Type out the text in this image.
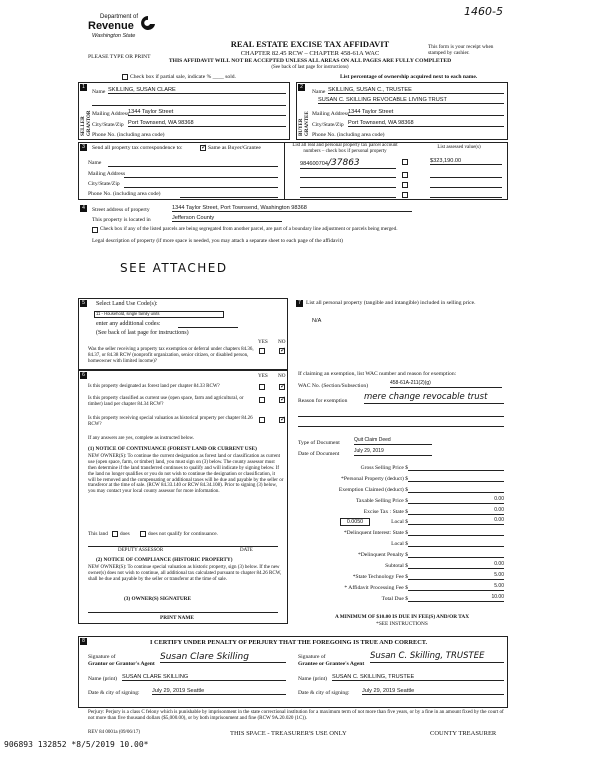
1460-5
Department of
Revenue
Washington State
REAL ESTATE EXCISE TAX AFFIDAVIT
CHAPTER 82.45 RCW – CHAPTER 458-61A WAC
THIS AFFIDAVIT WILL NOT BE ACCEPTED UNLESS ALL AREAS ON ALL PAGES ARE FULLY COMPLETED
(See back of last page for instructions)
PLEASE TYPE OR PRINT
This form is your receipt when stamped by cashier.
Check box if partial sale, indicate % ____ sold.	List percentage of ownership acquired next to each name.
1
SELLER GRANTOR
Name SKILLING, SUSAN CLARE
Mailing Address
1344 Taylor Street
City/State/Zip Port Townsend, WA 98368
Phone No. (including area code)
2
BUYER GRANTEE
Name SKILLING, SUSAN C., TRUSTEE
SUSAN C. SKILLING REVOCABLE LIVING TRUST
Mailing Address
1344 Taylor Street
City/State/Zip Port Townsend, WA 98368
Phone No. (including area code)
3	Send all property tax correspondence to:
✓	Same as Buyer/Grantee
Name
Mailing Address
City/State/Zip
Phone No. (including area code)
List all real and personal property tax parcel account numbers – check box if personal property
List assessed value(s)
984600704/37863	$323,190.00
4	Street address of property	1344 Taylor Street, Port Townsend, Washington 98368
This property is located in	Jefferson County
Check box if any of the listed parcels are being segregated from another parcel, are part of a boundary line adjustment or parcels being merged.
Legal description of property (if more space is needed, you may attach a separate sheet to each page of the affidavit)
SEE ATTACHED
5	Select Land Use Code(s):
11 - Household, single family units
enter any additional codes:
(See back of last page for instructions)
YES NO
Was the seller receiving a property tax exemption or deferral under chapters 84.36, 84.37, or 84.38 RCW (nonprofit organization, senior citizen, or disabled person, homeowner with limited income)?
✓
6	YES NO
Is this property designated as forest land per chapter 84.33 RCW?
✓
Is this property classified as current use (open space, farm and agricultural, or timber) land per chapter 84.34 RCW?
✓
Is this property receiving special valuation as historical property per chapter 84.26 RCW?
✓
If any answers are yes, complete as instructed below.
(1) NOTICE OF CONTINUANCE (FOREST LAND OR CURRENT USE)
NEW OWNER(S): To continue the current designation as forest land or classification as current use (open space, farm, or timber) land, you must sign on (3) below. The county assessor must then determine if the land transferred continues to qualify and will indicate by signing below. If the land no longer qualifies or you do not wish to continue the designation or classification, it will be removed and the compensating or additional taxes will be due and payable by the seller or transferor at the time of sale. (RCW 84.33.140 or RCW 84.34.108). Prior to signing (3) below, you may contact your local county assessor for more information.
This land does	does not qualify for continuance.
DEPUTY ASSESSOR	DATE
(2) NOTICE OF COMPLIANCE (HISTORIC PROPERTY)
NEW OWNER(S): To continue special valuation as historic property, sign (3) below. If the new owner(s) does not wish to continue, all additional tax calculated pursuant to chapter 84.26 RCW, shall be due and payable by the seller or transferor at the time of sale.
(3) OWNER(S) SIGNATURE
PRINT NAME
7 List all personal property (tangible and intangible) included in selling price.
N/A
If claiming an exemption, list WAC number and reason for exemption:
WAC No. (Section/Subsection)	458-61A-211(2)(g)
Reason for exemption mere change revocable trust
Type of Document	Quit Claim Deed
Date of Document	July 29, 2019
Gross Selling Price $
*Personal Property (deduct) $
Exemption Claimed (deduct) $
Taxable Selling Price $	0.00
Excise Tax : State $	0.00
0.0050	Local $	0.00
*Delinquent Interest: State $
Local $
*Delinquent Penalty $
Subtotal $	0.00
*State Technology Fee $	5.00
* Affidavit Processing Fee $	5.00
Total Due $	10.00
A MINIMUM OF $10.00 IS DUE IN FEE(S) AND/OR TAX
*SEE INSTRUCTIONS
8	I CERTIFY UNDER PENALTY OF PERJURY THAT THE FOREGOING IS TRUE AND CORRECT.
Signature of
Grantor or Grantor's Agent
Susan Clare Skilling	Signature of
Grantee or Grantee's Agent
Susan C. Skilling, TRUSTEE
Name (print) SUSAN CLARE SKILLING	Name (print) SUSAN C. SKILLING, TRUSTEE
Date & city of signing: July 29, 2019 Seattle	Date & city of signing: July 29, 2019 Seattle
Perjury: Perjury is a class C felony which is punishable by imprisonment in the state correctional institution for a maximum term of not more than five years, or by a fine in an amount fixed by the court of not more than five thousand dollars ($5,000.00), or by both imprisonment and fine (RCW 9A.20.020 (1C)).
REV 84 0001a (09/06/17)	THIS SPACE - TREASURER'S USE ONLY	COUNTY TREASURER
906893 132852 *8/5/2019 10.00*
